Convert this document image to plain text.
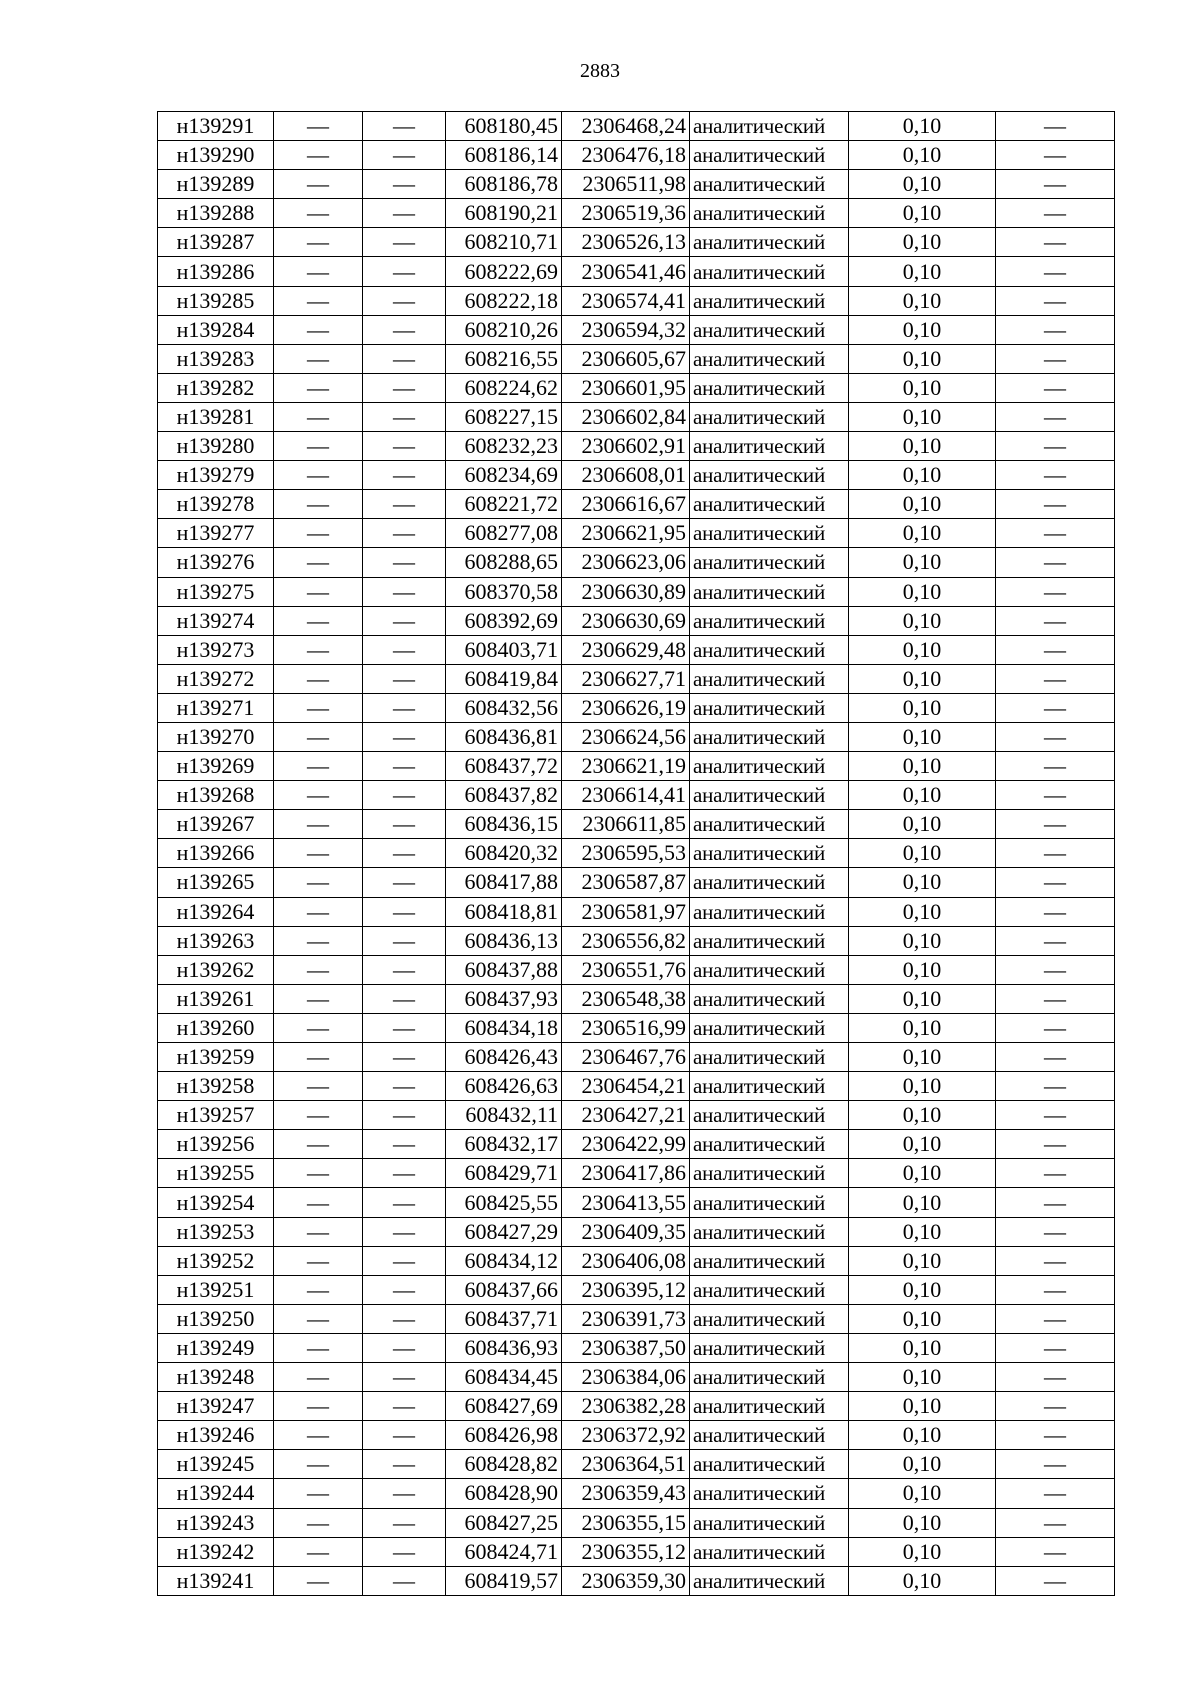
2883
н139291	—	—	608180,45	2306468,24	аналитический	0,10	—
н139290	—	—	608186,14	2306476,18	аналитический	0,10	—
н139289	—	—	608186,78	2306511,98	аналитический	0,10	—
н139288	—	—	608190,21	2306519,36	аналитический	0,10	—
н139287	—	—	608210,71	2306526,13	аналитический	0,10	—
н139286	—	—	608222,69	2306541,46	аналитический	0,10	—
н139285	—	—	608222,18	2306574,41	аналитический	0,10	—
н139284	—	—	608210,26	2306594,32	аналитический	0,10	—
н139283	—	—	608216,55	2306605,67	аналитический	0,10	—
н139282	—	—	608224,62	2306601,95	аналитический	0,10	—
н139281	—	—	608227,15	2306602,84	аналитический	0,10	—
н139280	—	—	608232,23	2306602,91	аналитический	0,10	—
н139279	—	—	608234,69	2306608,01	аналитический	0,10	—
н139278	—	—	608221,72	2306616,67	аналитический	0,10	—
н139277	—	—	608277,08	2306621,95	аналитический	0,10	—
н139276	—	—	608288,65	2306623,06	аналитический	0,10	—
н139275	—	—	608370,58	2306630,89	аналитический	0,10	—
н139274	—	—	608392,69	2306630,69	аналитический	0,10	—
н139273	—	—	608403,71	2306629,48	аналитический	0,10	—
н139272	—	—	608419,84	2306627,71	аналитический	0,10	—
н139271	—	—	608432,56	2306626,19	аналитический	0,10	—
н139270	—	—	608436,81	2306624,56	аналитический	0,10	—
н139269	—	—	608437,72	2306621,19	аналитический	0,10	—
н139268	—	—	608437,82	2306614,41	аналитический	0,10	—
н139267	—	—	608436,15	2306611,85	аналитический	0,10	—
н139266	—	—	608420,32	2306595,53	аналитический	0,10	—
н139265	—	—	608417,88	2306587,87	аналитический	0,10	—
н139264	—	—	608418,81	2306581,97	аналитический	0,10	—
н139263	—	—	608436,13	2306556,82	аналитический	0,10	—
н139262	—	—	608437,88	2306551,76	аналитический	0,10	—
н139261	—	—	608437,93	2306548,38	аналитический	0,10	—
н139260	—	—	608434,18	2306516,99	аналитический	0,10	—
н139259	—	—	608426,43	2306467,76	аналитический	0,10	—
н139258	—	—	608426,63	2306454,21	аналитический	0,10	—
н139257	—	—	608432,11	2306427,21	аналитический	0,10	—
н139256	—	—	608432,17	2306422,99	аналитический	0,10	—
н139255	—	—	608429,71	2306417,86	аналитический	0,10	—
н139254	—	—	608425,55	2306413,55	аналитический	0,10	—
н139253	—	—	608427,29	2306409,35	аналитический	0,10	—
н139252	—	—	608434,12	2306406,08	аналитический	0,10	—
н139251	—	—	608437,66	2306395,12	аналитический	0,10	—
н139250	—	—	608437,71	2306391,73	аналитический	0,10	—
н139249	—	—	608436,93	2306387,50	аналитический	0,10	—
н139248	—	—	608434,45	2306384,06	аналитический	0,10	—
н139247	—	—	608427,69	2306382,28	аналитический	0,10	—
н139246	—	—	608426,98	2306372,92	аналитический	0,10	—
н139245	—	—	608428,82	2306364,51	аналитический	0,10	—
н139244	—	—	608428,90	2306359,43	аналитический	0,10	—
н139243	—	—	608427,25	2306355,15	аналитический	0,10	—
н139242	—	—	608424,71	2306355,12	аналитический	0,10	—
н139241	—	—	608419,57	2306359,30	аналитический	0,10	—
